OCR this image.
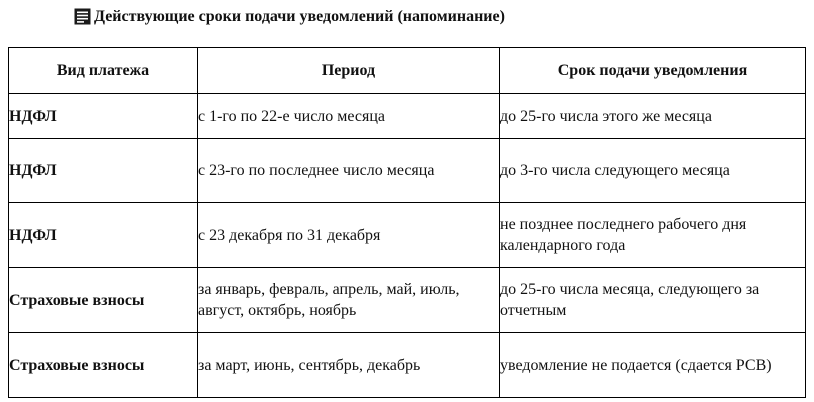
Действующие сроки подачи уведомлений (напоминание)
Вид платежа	Период	Срок подачи уведомления
НДФЛ	с 1-го по 22-е число месяца	до 25-го числа этого же месяца
НДФЛ	с 23-го по последнее число месяца	до 3-го числа следующего месяца
НДФЛ	с 23 декабря по 31 декабря	не позднее последнего рабочего дня календарного года
Страховые взносы	за январь, февраль, апрель, май, июль, август, октябрь, ноябрь	до 25-го числа месяца, следующего за отчетным
Страховые взносы	за март, июнь, сентябрь, декабрь	уведомление не подается (сдается РСВ)
